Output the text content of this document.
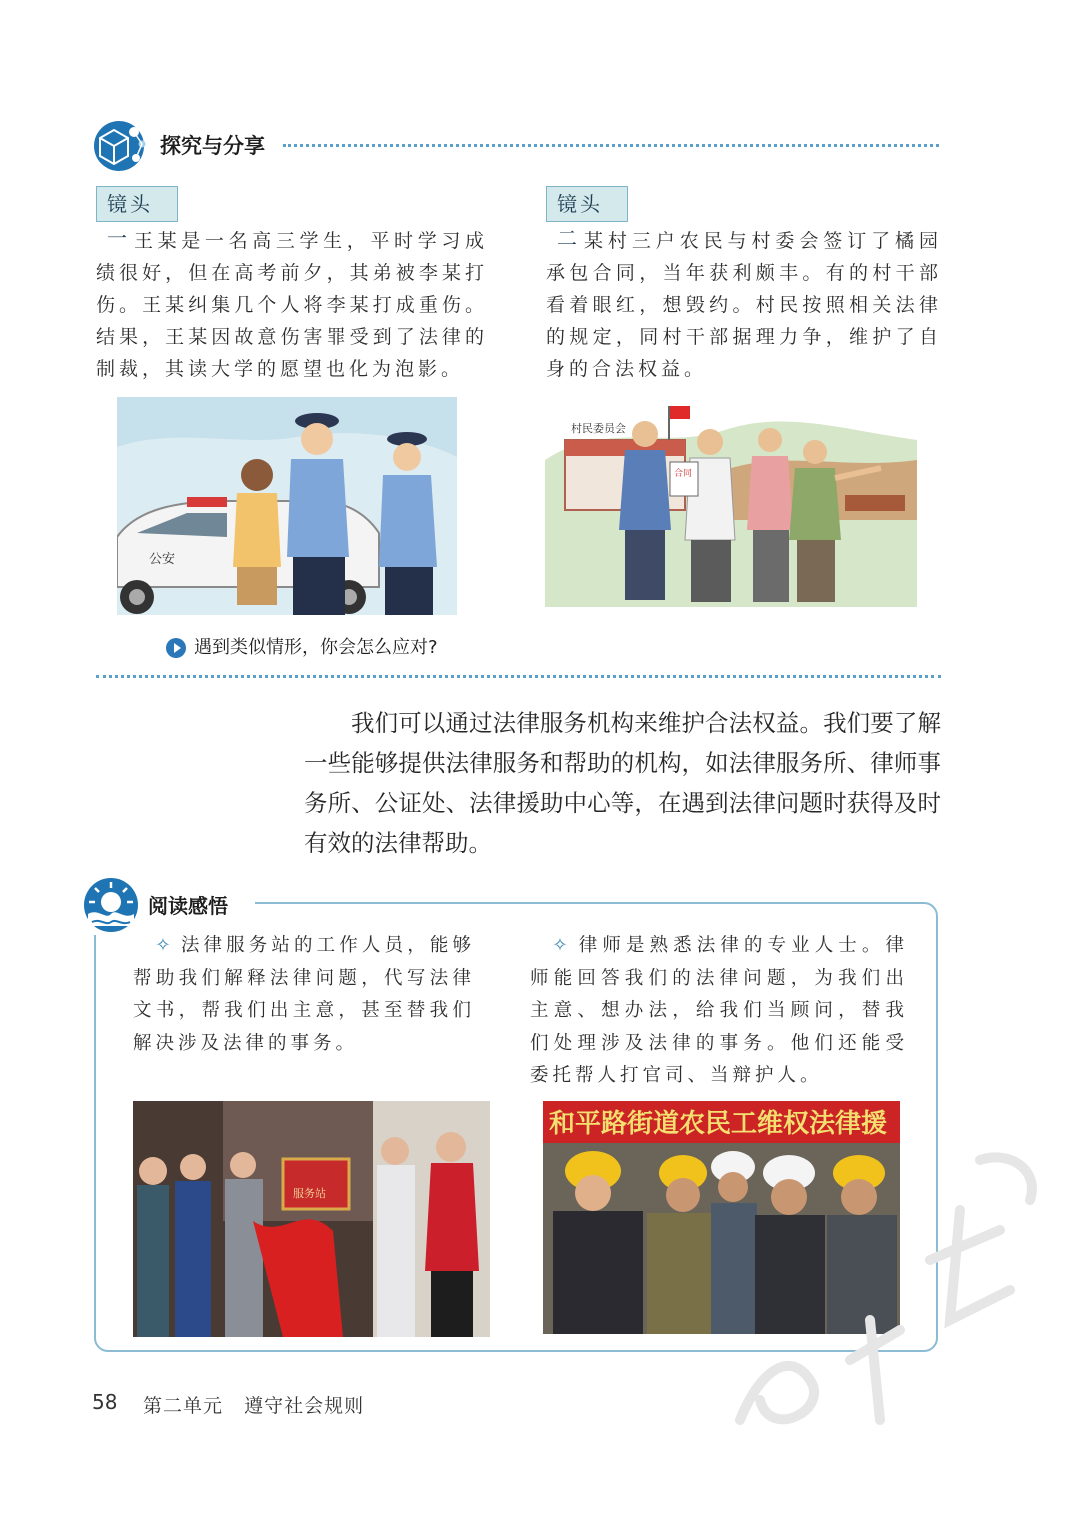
探究与分享
镜头一 王某是一名高三学生，平时学习成绩很好，但在高考前夕，其弟被李某打伤。王某纠集几个人将李某打成重伤。结果，王某因故意伤害罪受到了法律的制裁，其读大学的愿望也化为泡影。
公安
镜头二 某村三户农民与村委会签订了橘园承包合同，当年获利颇丰。有的村干部看着眼红，想毁约。村民按照相关法律的规定，同村干部据理力争，维护了自身的合法权益。
村民委员会
合同
遇到类似情形，你会怎么应对?
我们可以通过法律服务机构来维护合法权益。我们要了解一些能够提供法律服务和帮助的机构，如法律服务所、律师事务所、公证处、法律援助中心等，在遇到法律问题时获得及时有效的法律帮助。
阅读感悟
✧ 法律服务站的工作人员，能够帮助我们解释法律问题，代写法律文书，帮我们出主意，甚至替我们解决涉及法律的事务。
✧ 律师是熟悉法律的专业人士。律师能回答我们的法律问题，为我们出主意、想办法，给我们当顾问，替我们处理涉及法律的事务。他们还能受委托帮人打官司、当辩护人。
服务站
和平路街道农民工维权法律援
58 第二单元   遵守社会规则
